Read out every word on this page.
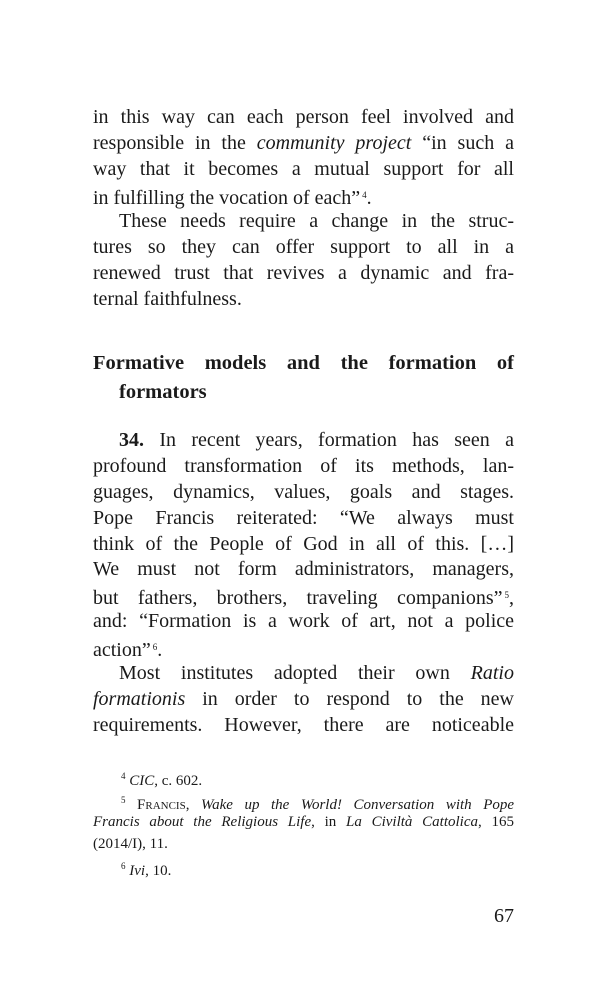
67
in this way can each person feel involved and
responsible in the community project “in such a
way that it becomes a mutual support for all
in fulfilling the vocation of each” $^4$.
These needs require a change in the struc-
tures so they can offer support to all in a
renewed trust that revives a dynamic and fra-
ternal faithfulness.
Formative models and the formation of
formators
34. In recent years, formation has seen a
profound transformation of its methods, lan-
guages, dynamics, values, goals and stages.
Pope Francis reiterated: “We always must
think of the People of God in all of this. […]
We must not form administrators, managers,
but fathers, brothers, traveling companions” $^5$,
and: “Formation is a work of art, not a police
action” $^6$.
Most institutes adopted their own Ratio
formationis in order to respond to the new
requirements. However, there are noticeable
$^4$ CIC, c. 602.
$^5$ Francis, Wake up the World! Conversation with Pope
Francis about the Religious Life, in La Civiltà Cattolica, 165
(2014/I), 11.
$^6$ Ivi, 10.
